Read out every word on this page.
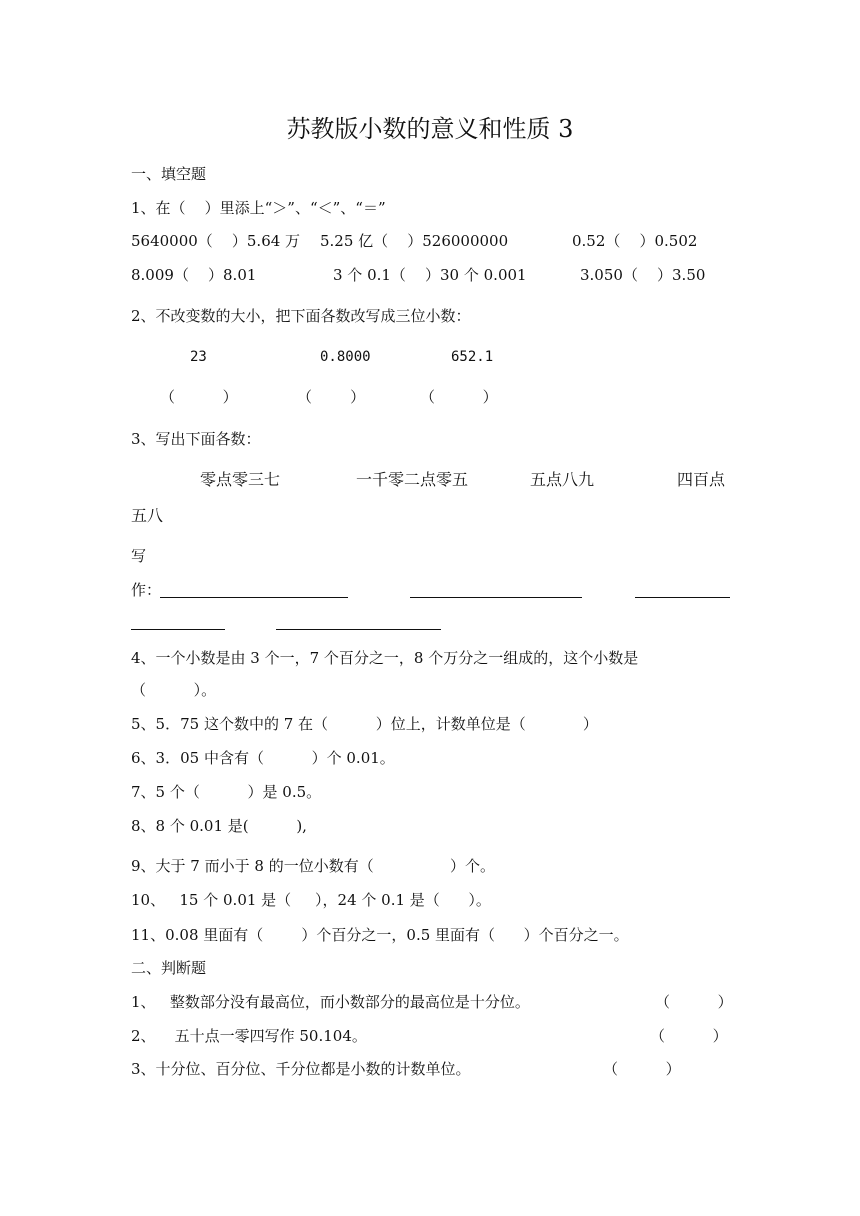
苏教版小数的意义和性质 3
一、填空题
1、在（    ）里添上“＞”、“＜”、“＝”
5640000（    ）5.64 万 5.25 亿（    ）526000000	0.52（    ）0.502
8.009（    ）8.01	3 个 0.1（    ）30 个 0.001	3.050（    ）3.50
2、不改变数的大小，把下面各数改写成三位小数：
23	0.8000	652.1
（          ）	（        ）	（          ）
3、写出下面各数：
零点零三七	一千零二点零五	五点八九	四百点
五八
写
作：
4、一个小数是由 3 个一，7 个百分之一，8 个万分之一组成的，这个小数是
（          ）。
5、5．75 这个数中的 7 在（          ）位上，计数单位是（            ）
6、3．05 中含有（          ）个 0.01。
7、5 个（          ）是 0.5。
8、8 个 0.01 是(          ),
9、大于 7 而小于 8 的一位小数有（                ）个。
10、   15 个 0.01 是（     ），24 个 0.1 是（      ）。
11、0.08 里面有（        ）个百分之一，0.5 里面有（      ）个百分之一。
二、判断题
1、   整数部分没有最高位，而小数部分的最高位是十分位。	（          ）
2、    五十点一零四写作 50.104。	（          ）
3、十分位、百分位、千分位都是小数的计数单位。	（          ）
